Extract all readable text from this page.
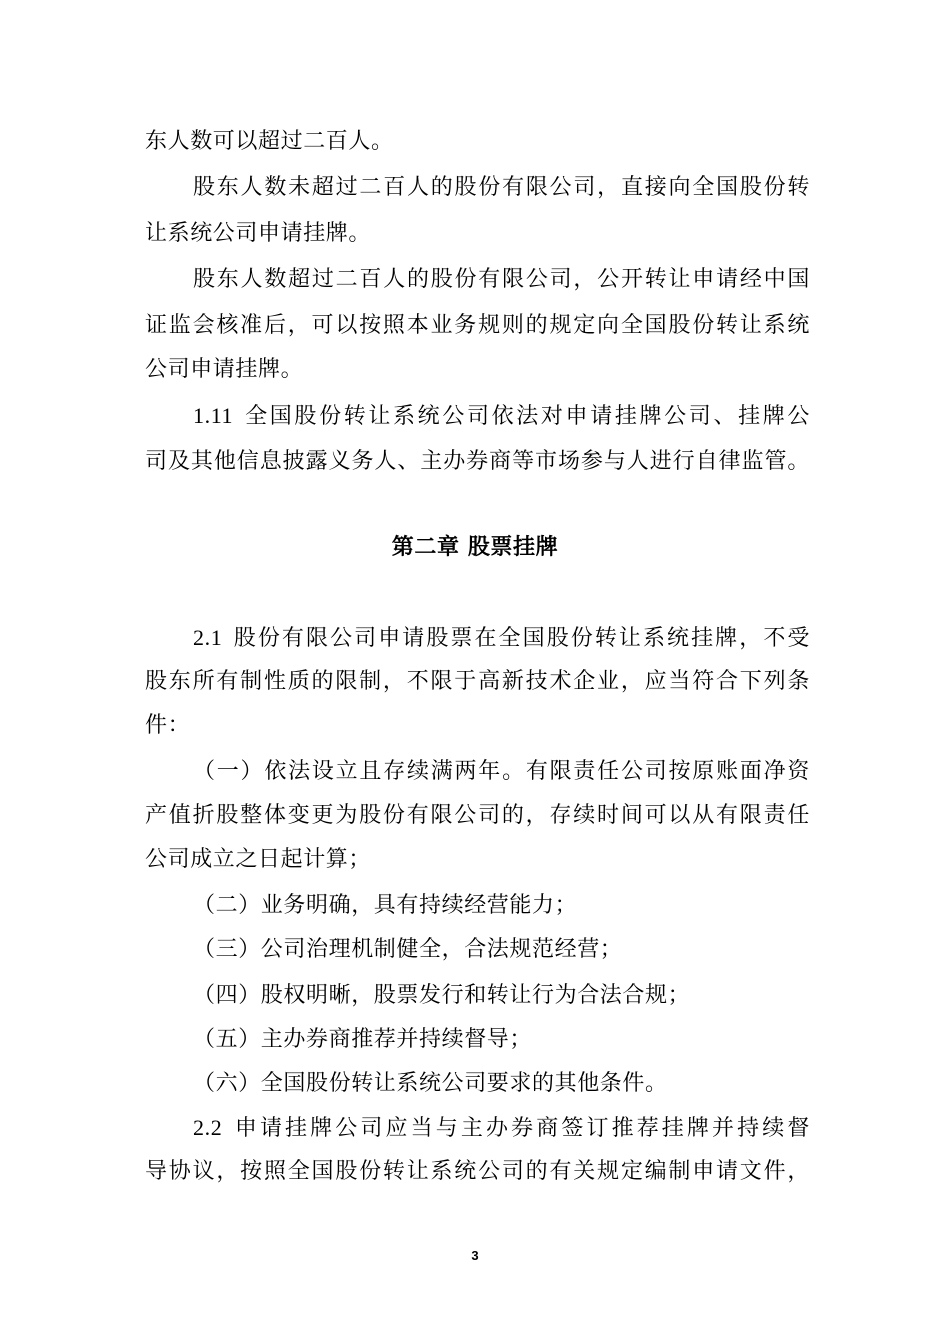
东人数可以超过二百人。
股东人数未超过二百人的股份有限公司，直接向全国股份转
让系统公司申请挂牌。
股东人数超过二百人的股份有限公司，公开转让申请经中国
证监会核准后，可以按照本业务规则的规定向全国股份转让系统
公司申请挂牌。
1.11 全国股份转让系统公司依法对申请挂牌公司、挂牌公
司及其他信息披露义务人、主办券商等市场参与人进行自律监管。
第二章 股票挂牌
2.1 股份有限公司申请股票在全国股份转让系统挂牌，不受
股东所有制性质的限制，不限于高新技术企业，应当符合下列条
件：
（一）依法设立且存续满两年。有限责任公司按原账面净资
产值折股整体变更为股份有限公司的，存续时间可以从有限责任
公司成立之日起计算；
（二）业务明确，具有持续经营能力；
（三）公司治理机制健全，合法规范经营；
（四）股权明晰，股票发行和转让行为合法合规；
（五）主办券商推荐并持续督导；
（六）全国股份转让系统公司要求的其他条件。
2.2 申请挂牌公司应当与主办券商签订推荐挂牌并持续督
导协议，按照全国股份转让系统公司的有关规定编制申请文件，
3
